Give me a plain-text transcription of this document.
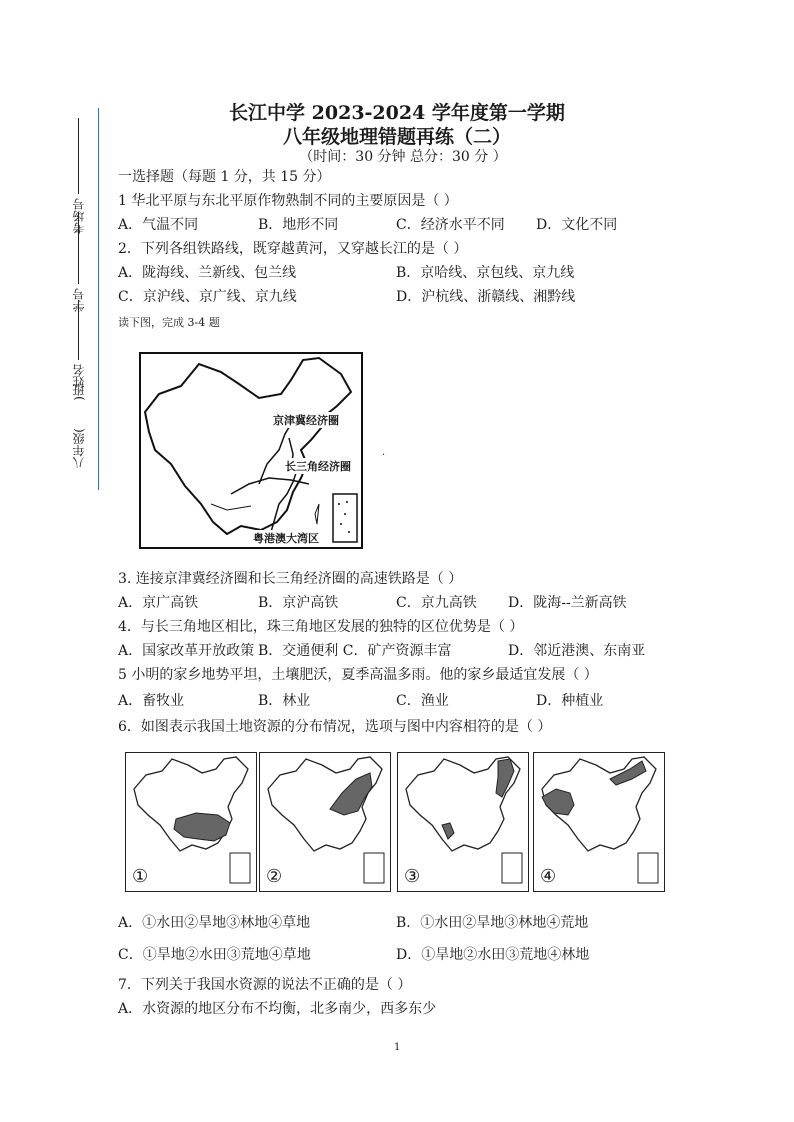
考场号
学号
姓名
)班
八年级(
长江中学 2023-2024 学年度第一学期
八年级地理错题再练（二）
（时间：30 分钟 总分：30 分 ）
一选择题（每题 1 分，共 15 分）
1 华北平原与东北平原作物熟制不同的主要原因是（ ）
A．气温不同	B．地形不同	C．经济水平不同 D．文化不同
2．下列各组铁路线，既穿越黄河，又穿越长江的是（ ）
A．陇海线、兰新线、包兰线	B．京哈线、京包线、京九线
C．京沪线、京广线、京九线	D．沪杭线、浙赣线、湘黔线
读下图，完成 3-4 题
京津冀经济圈
长三角经济圈
粤港澳大湾区
·
3. 连接京津冀经济圈和长三角经济圈的高速铁路是（ ）
A．京广高铁	B．京沪高铁	C．京九高铁 D．陇海--兰新高铁
4．与长三角地区相比，珠三角地区发展的独特的区位优势是（ ）
A．国家改革开放政策 B．交通便利 C．矿产资源丰富	D．邻近港澳、东南亚
5 小明的家乡地势平坦，土壤肥沃，夏季高温多雨。他的家乡最适宜发展（ ）
A．畜牧业	B．林业	C．渔业	D．种植业
6．如图表示我国土地资源的分布情况，选项与图中内容相符的是（ ）
①	②	③	④
A．①水田②旱地③林地④草地	B．①水田②旱地③林地④荒地
C．①旱地②水田③荒地④草地	D．①旱地②水田③荒地④林地
7．下列关于我国水资源的说法不正确的是（ ）
A．水资源的地区分布不均衡，北多南少，西多东少
1
